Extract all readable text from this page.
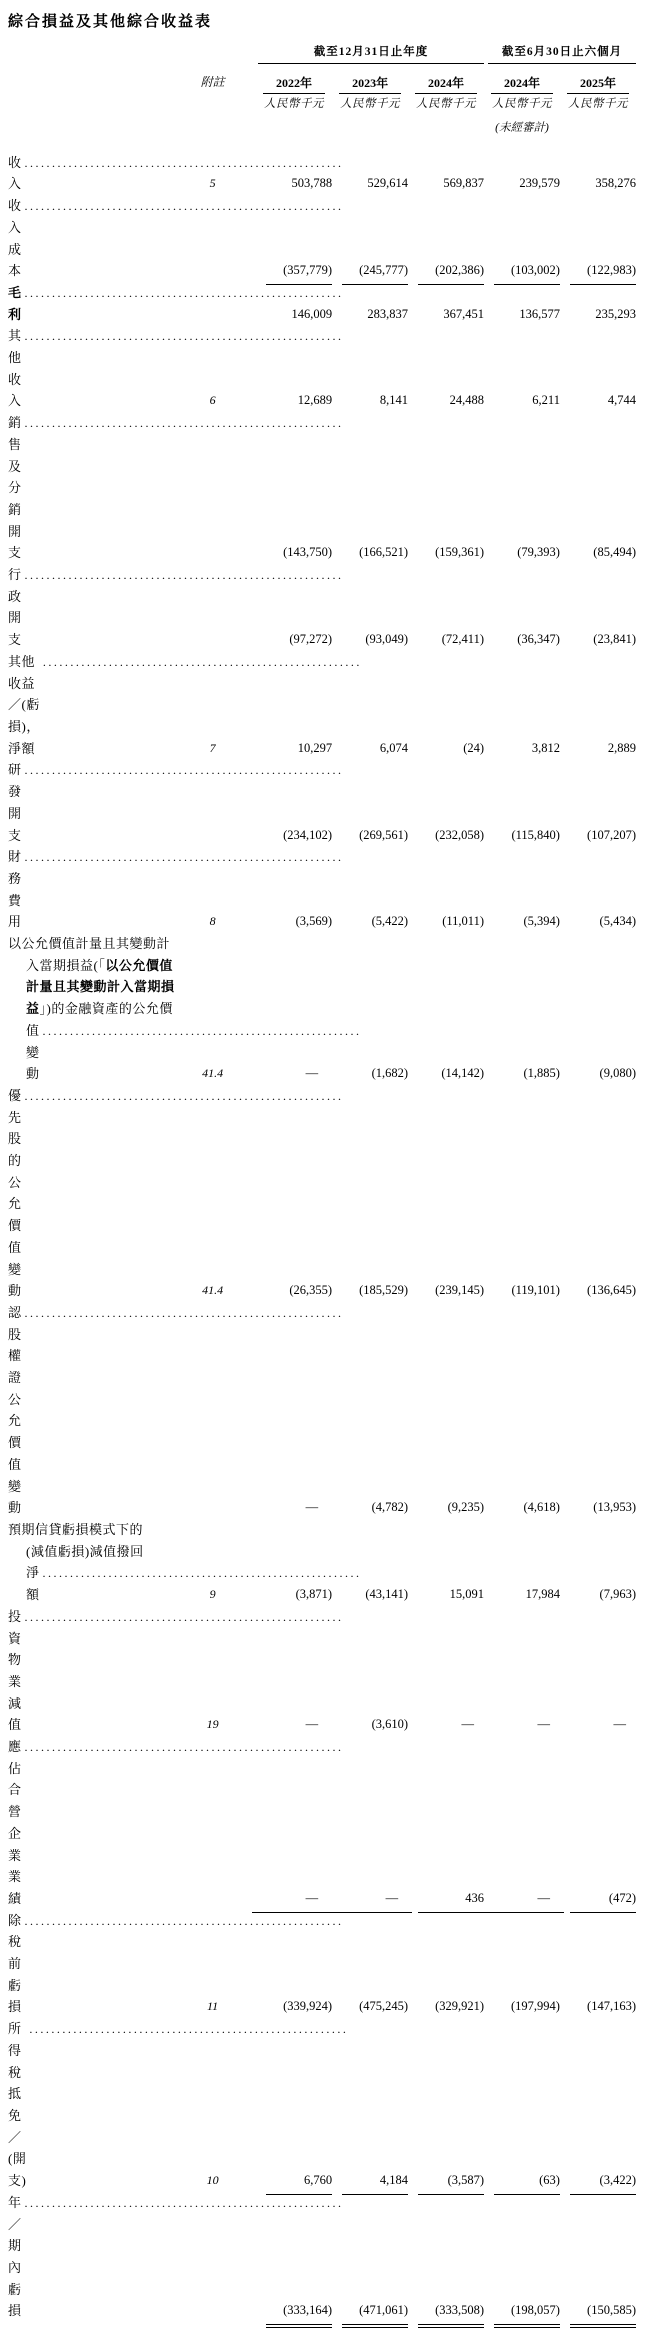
綜合損益及其他綜合收益表

		截至12月31日止年度			截至6月30日止六個月	

	附註	2022年	2023年	2024年	2024年	2025年

		人民幣千元	人民幣千元	人民幣千元	人民幣千元	人民幣千元
					(未經審計)	

收入
.....	5	503,788	529,614	569,837	239,579	358,276

收入成本
.....		(357,779)	(245,777)	(202,386)	(103,002)	(122,983)

毛利
.....		146,009	283,837	367,451	136,577	235,293

其他收入
.....	6	12,689	8,141	24,488	6,211	4,744

銷售及分銷開支
.....		(143,750)	(166,521)	(159,361)	(79,393)	(85,494)

行政開支
.....		(97,272)	(93,049)	(72,411)	(36,347)	(23,841)

其他收益／(虧損)，淨額
.....	7	10,297	6,074	(24)	3,812	2,889

研發開支
.....		(234,102)	(269,561)	(232,058)	(115,840)	(107,207)

財務費用
.....	8	(3,569)	(5,422)	(11,011)	(5,394)	(5,434)

以公允價值計量且其變動計
入當期損益(「 以公允價值
計量且其變動計入當期損
益 」)的金融資產的公允價
值變動
.....	41.4	—	(1,682)	(14,142)	(1,885)	(9,080)

優先股的公允價值變動
.....	41.4	(26,355)	(185,529)	(239,145)	(119,101)	(136,645)

認股權證公允價值變動
.....		—	(4,782)	(9,235)	(4,618)	(13,953)

預期信貸虧損模式下的
(減值虧損)減值撥回
淨額
.....	9	(3,871)	(43,141)	15,091	17,984	(7,963)

投資物業減值
.....	19	—	(3,610)	—	—	—

應佔合營企業業績
.....		—	—	436	—	(472)

除稅前虧損
.....	11	(339,924)	(475,245)	(329,921)	(197,994)	(147,163)

所得稅抵免／(開支)
.....	10	6,760	4,184	(3,587)	(63)	(3,422)

年／期內虧損
.....		(333,164)	(471,061)	(333,508)	(198,057)	(150,585)
